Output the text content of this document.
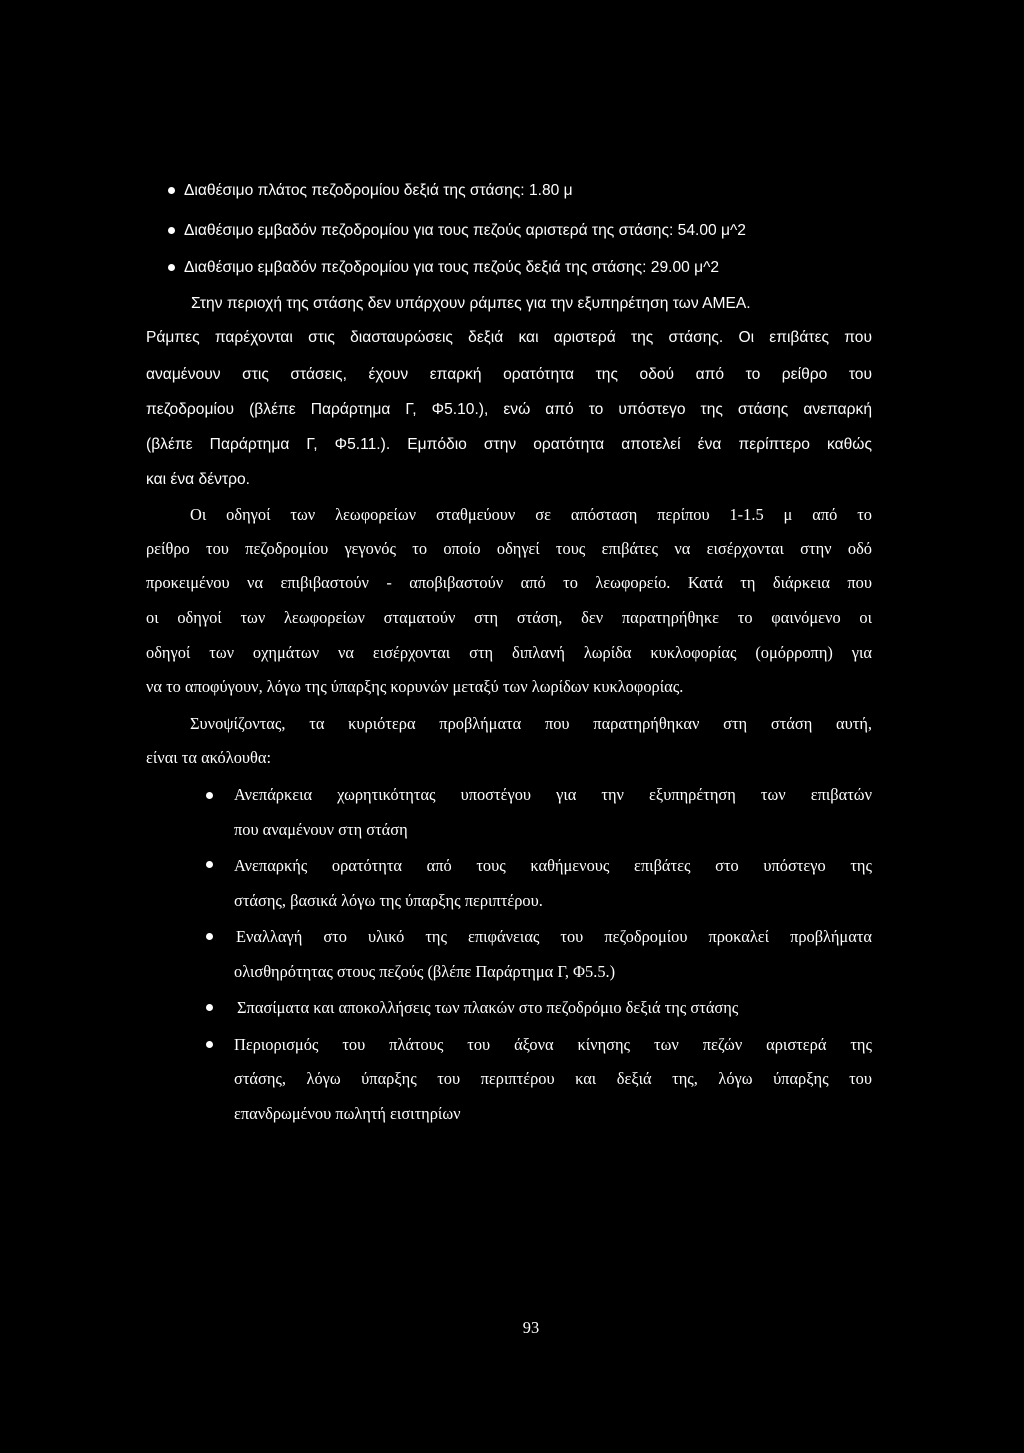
Διαθέσιμο πλάτος πεζοδρομίου δεξιά της στάσης: 1.80 μ
Διαθέσιμο εμβαδόν πεζοδρομίου για τους πεζούς αριστερά της στάσης: 54.00 μ^2
Διαθέσιμο εμβαδόν πεζοδρομίου για τους πεζούς δεξιά της στάσης: 29.00 μ^2
Στην περιοχή της στάσης δεν υπάρχουν ράμπες για την εξυπηρέτηση των ΑΜΕΑ.
Ράμπες παρέχονται στις διασταυρώσεις δεξιά και αριστερά της στάσης. Οι επιβάτες που
αναμένουν στις στάσεις, έχουν επαρκή ορατότητα της οδού από το ρείθρο του
πεζοδρομίου (βλέπε Παράρτημα Γ, Φ5.10.), ενώ από το υπόστεγο της στάσης ανεπαρκή
(βλέπε Παράρτημα Γ, Φ5.11.). Εμπόδιο στην ορατότητα αποτελεί ένα περίπτερο καθώς
και ένα δέντρο.
Οι οδηγοί των λεωφορείων σταθμεύουν σε απόσταση περίπου 1-1.5 μ από το
ρείθρο του πεζοδρομίου γεγονός το οποίο οδηγεί τους επιβάτες να εισέρχονται στην οδό
προκειμένου να επιβιβαστούν - αποβιβαστούν από το λεωφορείο. Κατά τη διάρκεια που
οι οδηγοί των λεωφορείων σταματούν στη στάση, δεν παρατηρήθηκε το φαινόμενο οι
οδηγοί των οχημάτων να εισέρχονται στη διπλανή λωρίδα κυκλοφορίας (ομόρροπη) για
να το αποφύγουν, λόγω της ύπαρξης κορυνών μεταξύ των λωρίδων κυκλοφορίας.
Συνοψίζοντας, τα κυριότερα προβλήματα που παρατηρήθηκαν στη στάση αυτή,
είναι τα ακόλουθα:
Ανεπάρκεια χωρητικότητας υποστέγου για την εξυπηρέτηση των επιβατών
που αναμένουν στη στάση
Ανεπαρκής ορατότητα από τους καθήμενους επιβάτες στο υπόστεγο της
στάσης, βασικά λόγω της ύπαρξης περιπτέρου.
Εναλλαγή στο υλικό της επιφάνειας του πεζοδρομίου προκαλεί προβλήματα
ολισθηρότητας στους πεζούς (βλέπε Παράρτημα Γ, Φ5.5.)
Σπασίματα και αποκολλήσεις των πλακών στο πεζοδρόμιο δεξιά της στάσης
Περιορισμός του πλάτους του άξονα κίνησης των πεζών αριστερά της
στάσης, λόγω ύπαρξης του περιπτέρου και δεξιά της, λόγω ύπαρξης του
επανδρωμένου πωλητή εισιτηρίων
93
